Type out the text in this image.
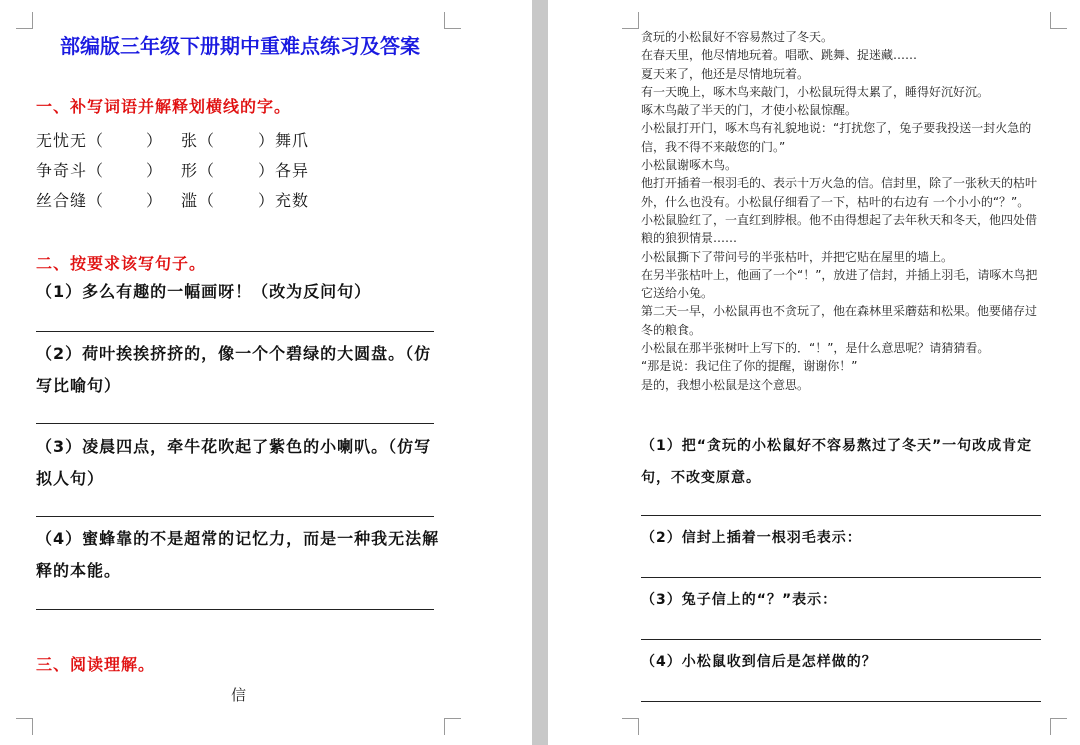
部编版三年级下册期中重难点练习及答案
一、补写词语并解释划横线的字。
无忧无（	） 张（	）舞爪
争奇斗（	） 形（	）各异
丝合缝（	） 滥（	）充数
二、按要求该写句子。
（1）多么有趣的一幅画呀！（改为反问句）
（2）荷叶挨挨挤挤的，像一个个碧绿的大圆盘。（仿写比喻句）
（3）凌晨四点，牵牛花吹起了紫色的小喇叭。（仿写拟人句）
（4）蜜蜂靠的不是超常的记忆力，而是一种我无法解释的本能。
三、阅读理解。
信

贪玩的小松鼠好不容易熬过了冬天。

在春天里，他尽情地玩着。唱歌、跳舞、捉迷藏……

夏天来了，他还是尽情地玩着。

有一天晚上，啄木鸟来敲门，小松鼠玩得太累了，睡得好沉好沉。

啄木鸟敲了半天的门，才使小松鼠惊醒。

小松鼠打开门，啄木鸟有礼貌地说：“打扰您了，兔子要我投送一封火急的信，我不得不来敲您的门。”

小松鼠谢啄木鸟。

他打开插着一根羽毛的、表示十万火急的信。信封里，除了一张秋天的枯叶外，什么也没有。小松鼠仔细看了一下，枯叶的右边有 一个小小的“？”。

小松鼠脸红了，一直红到脖根。他不由得想起了去年秋天和冬天，他四处借粮的狼狈情景……

小松鼠撕下了带问号的半张枯叶，并把它贴在屋里的墙上。

在另半张枯叶上，他画了一个“！”，放进了信封，并插上羽毛，请啄木鸟把它送给小兔。

第二天一早，小松鼠再也不贪玩了，他在森林里采蘑菇和松果。他要储存过冬的粮食。

小松鼠在那半张树叶上写下的．“！”，是什么意思呢？请猜猜看。

“那是说：我记住了你的提醒，谢谢你！”

是的，我想小松鼠是这个意思。

（1）把“贪玩的小松鼠好不容易熬过了冬天”一句改成肯定句，不改变原意。
（2）信封上插着一根羽毛表示：
（3）兔子信上的“？”表示：
（4）小松鼠收到信后是怎样做的？
